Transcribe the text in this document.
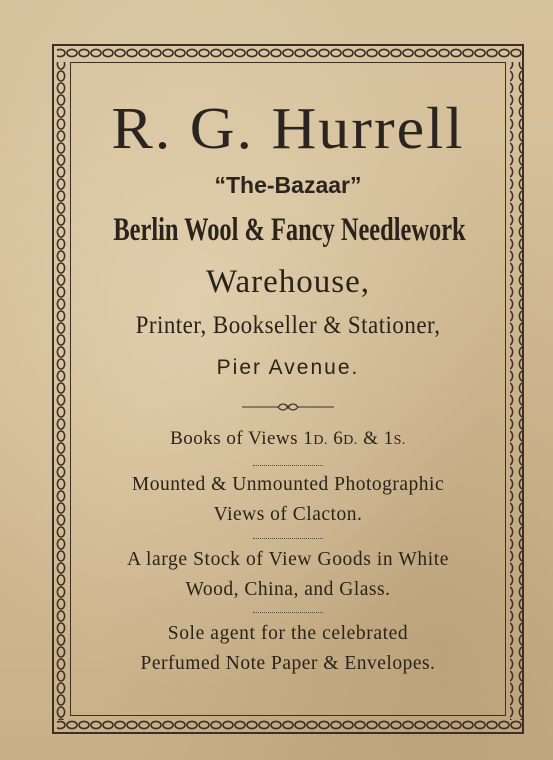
R. G. Hurrell
“The-Bazaar”
Berlin Wool & Fancy Needlework
Warehouse,
Printer, Bookseller & Stationer,
Pier Avenue.
Books of Views 1D. 6D. & 1S.
Mounted & Unmounted Photographic
Views of Clacton.
A large Stock of View Goods in White
Wood, China, and Glass.
Sole agent for the celebrated
Perfumed Note Paper & Envelopes.
